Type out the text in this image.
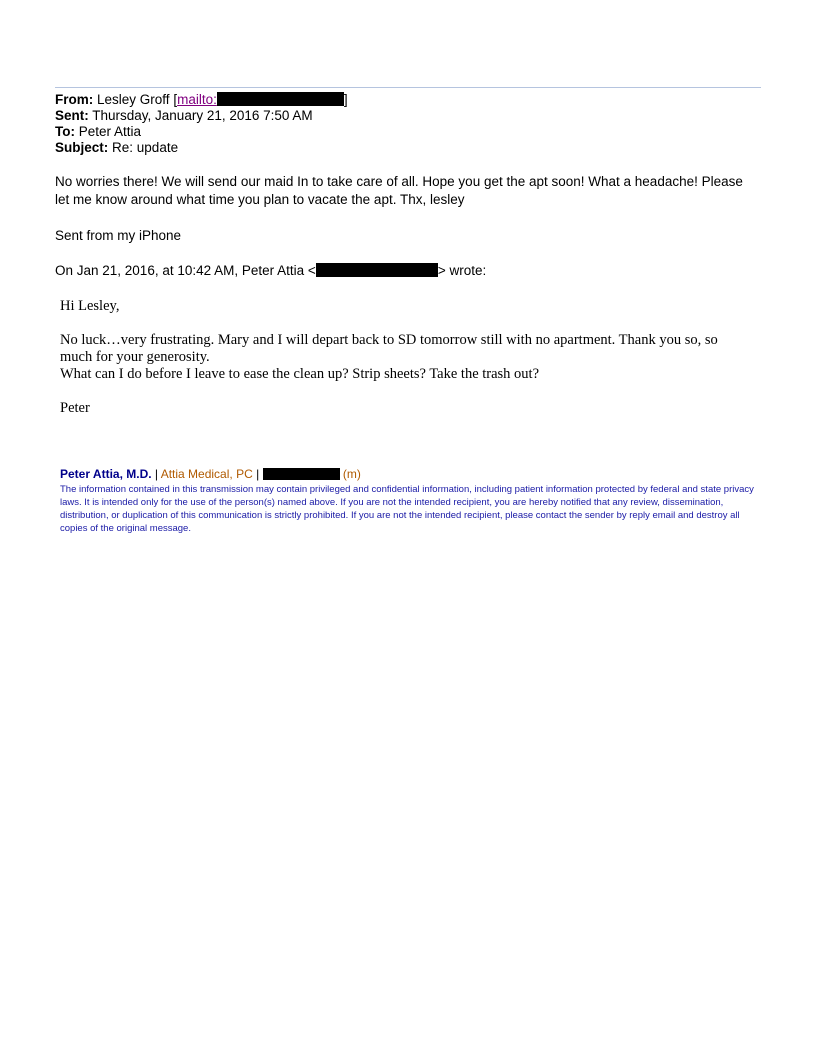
From: Lesley Groff [mailto:	]
Sent: Thursday, January 21, 2016 7:50 AM
To: Peter Attia
Subject: Re: update
No worries there! We will send our maid In to take care of all. Hope you get the apt soon! What a headache! Please let me know around what time you plan to vacate the apt. Thx, lesley
Sent from my iPhone
On Jan 21, 2016, at 10:42 AM, Peter Attia <	> wrote:
Hi Lesley,
No luck…very frustrating. Mary and I will depart back to SD tomorrow still with no apartment. Thank you so, so much for your generosity.
What can I do before I leave to ease the clean up? Strip sheets? Take the trash out?
Peter
Peter Attia, M.D. | Attia Medical, PC |	(m)
The information contained in this transmission may contain privileged and confidential information, including patient information protected by federal and state privacy laws. It is intended only for the use of the person(s) named above. If you are not the intended recipient, you are hereby notified that any review, dissemination, distribution, or duplication of this communication is strictly prohibited. If you are not the intended recipient, please contact the sender by reply email and destroy all copies of the original message.
